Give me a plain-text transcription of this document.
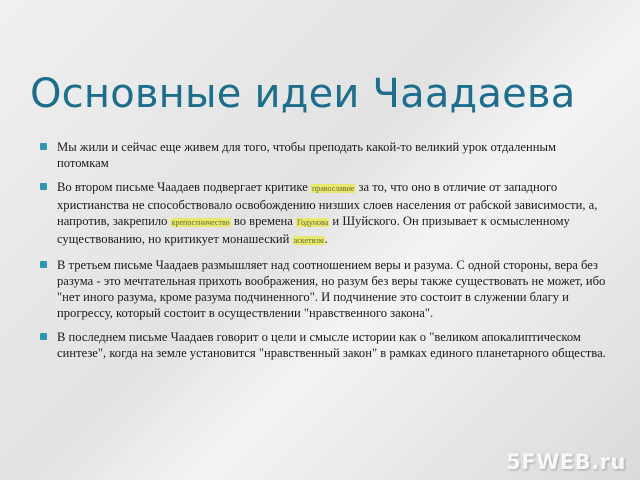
Основные идеи Чаадаева
Мы жили и сейчас еще живем для того, чтобы преподать какой-то великий урок отдаленным потомкам
Во втором письме Чаадаев подвергает критике православие за то, что оно в отличие от западного христианства не способствовало освобождению низших слоев населения от рабской зависимости, а, напротив, закрепило крепостничество во времена Годунова и Шуйского. Он призывает к осмысленному существованию, но критикует монашеский аскетизм.
В третьем письме Чаадаев размышляет над соотношением веры и разума. С одной стороны, вера без разума - это мечтательная прихоть воображения, но разум без веры также существовать не может, ибо "нет иного разума, кроме разума подчиненного". И подчинение это состоит в служении благу и прогрессу, который состоит в осуществлении "нравственного закона".
В последнем письме Чаадаев говорит о цели и смысле истории как о "великом апокалиптическом синтезе", когда на земле установится "нравственный закон" в рамках единого планетарного общества.
5FWEB.ru
